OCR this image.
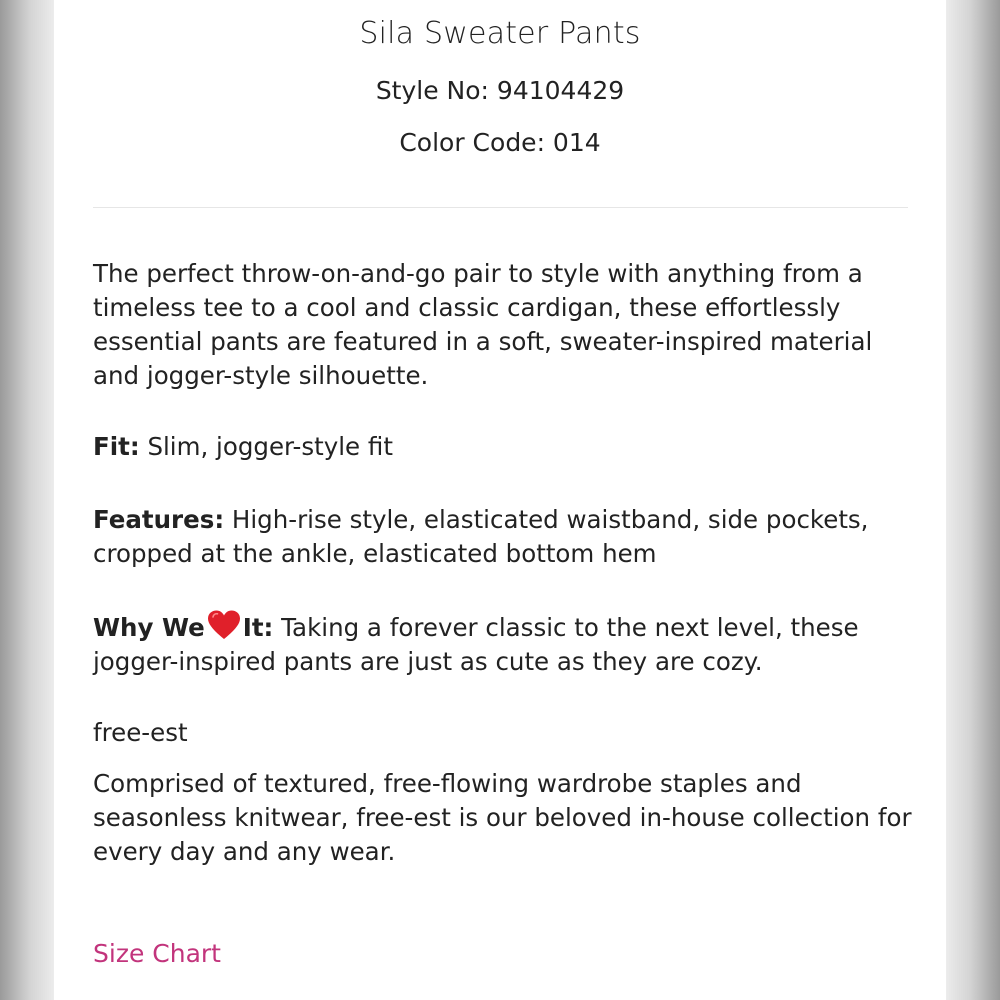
Sila Sweater Pants
Style No: 94104429
Color Code: 014
The perfect throw-on-and-go pair to style with anything from a timeless tee to a cool and classic cardigan, these effortlessly essential pants are featured in a soft, sweater-inspired material and jogger-style silhouette.
Fit: Slim, jogger-style fit
Features: High-rise style, elasticated waistband, side pockets, cropped at the ankle, elasticated bottom hem
Why We It: Taking a forever classic to the next level, these jogger-inspired pants are just as cute as they are cozy.
free-est
Comprised of textured, free-flowing wardrobe staples and seasonless knitwear, free-est is our beloved in-house collection for every day and any wear.
Size Chart
